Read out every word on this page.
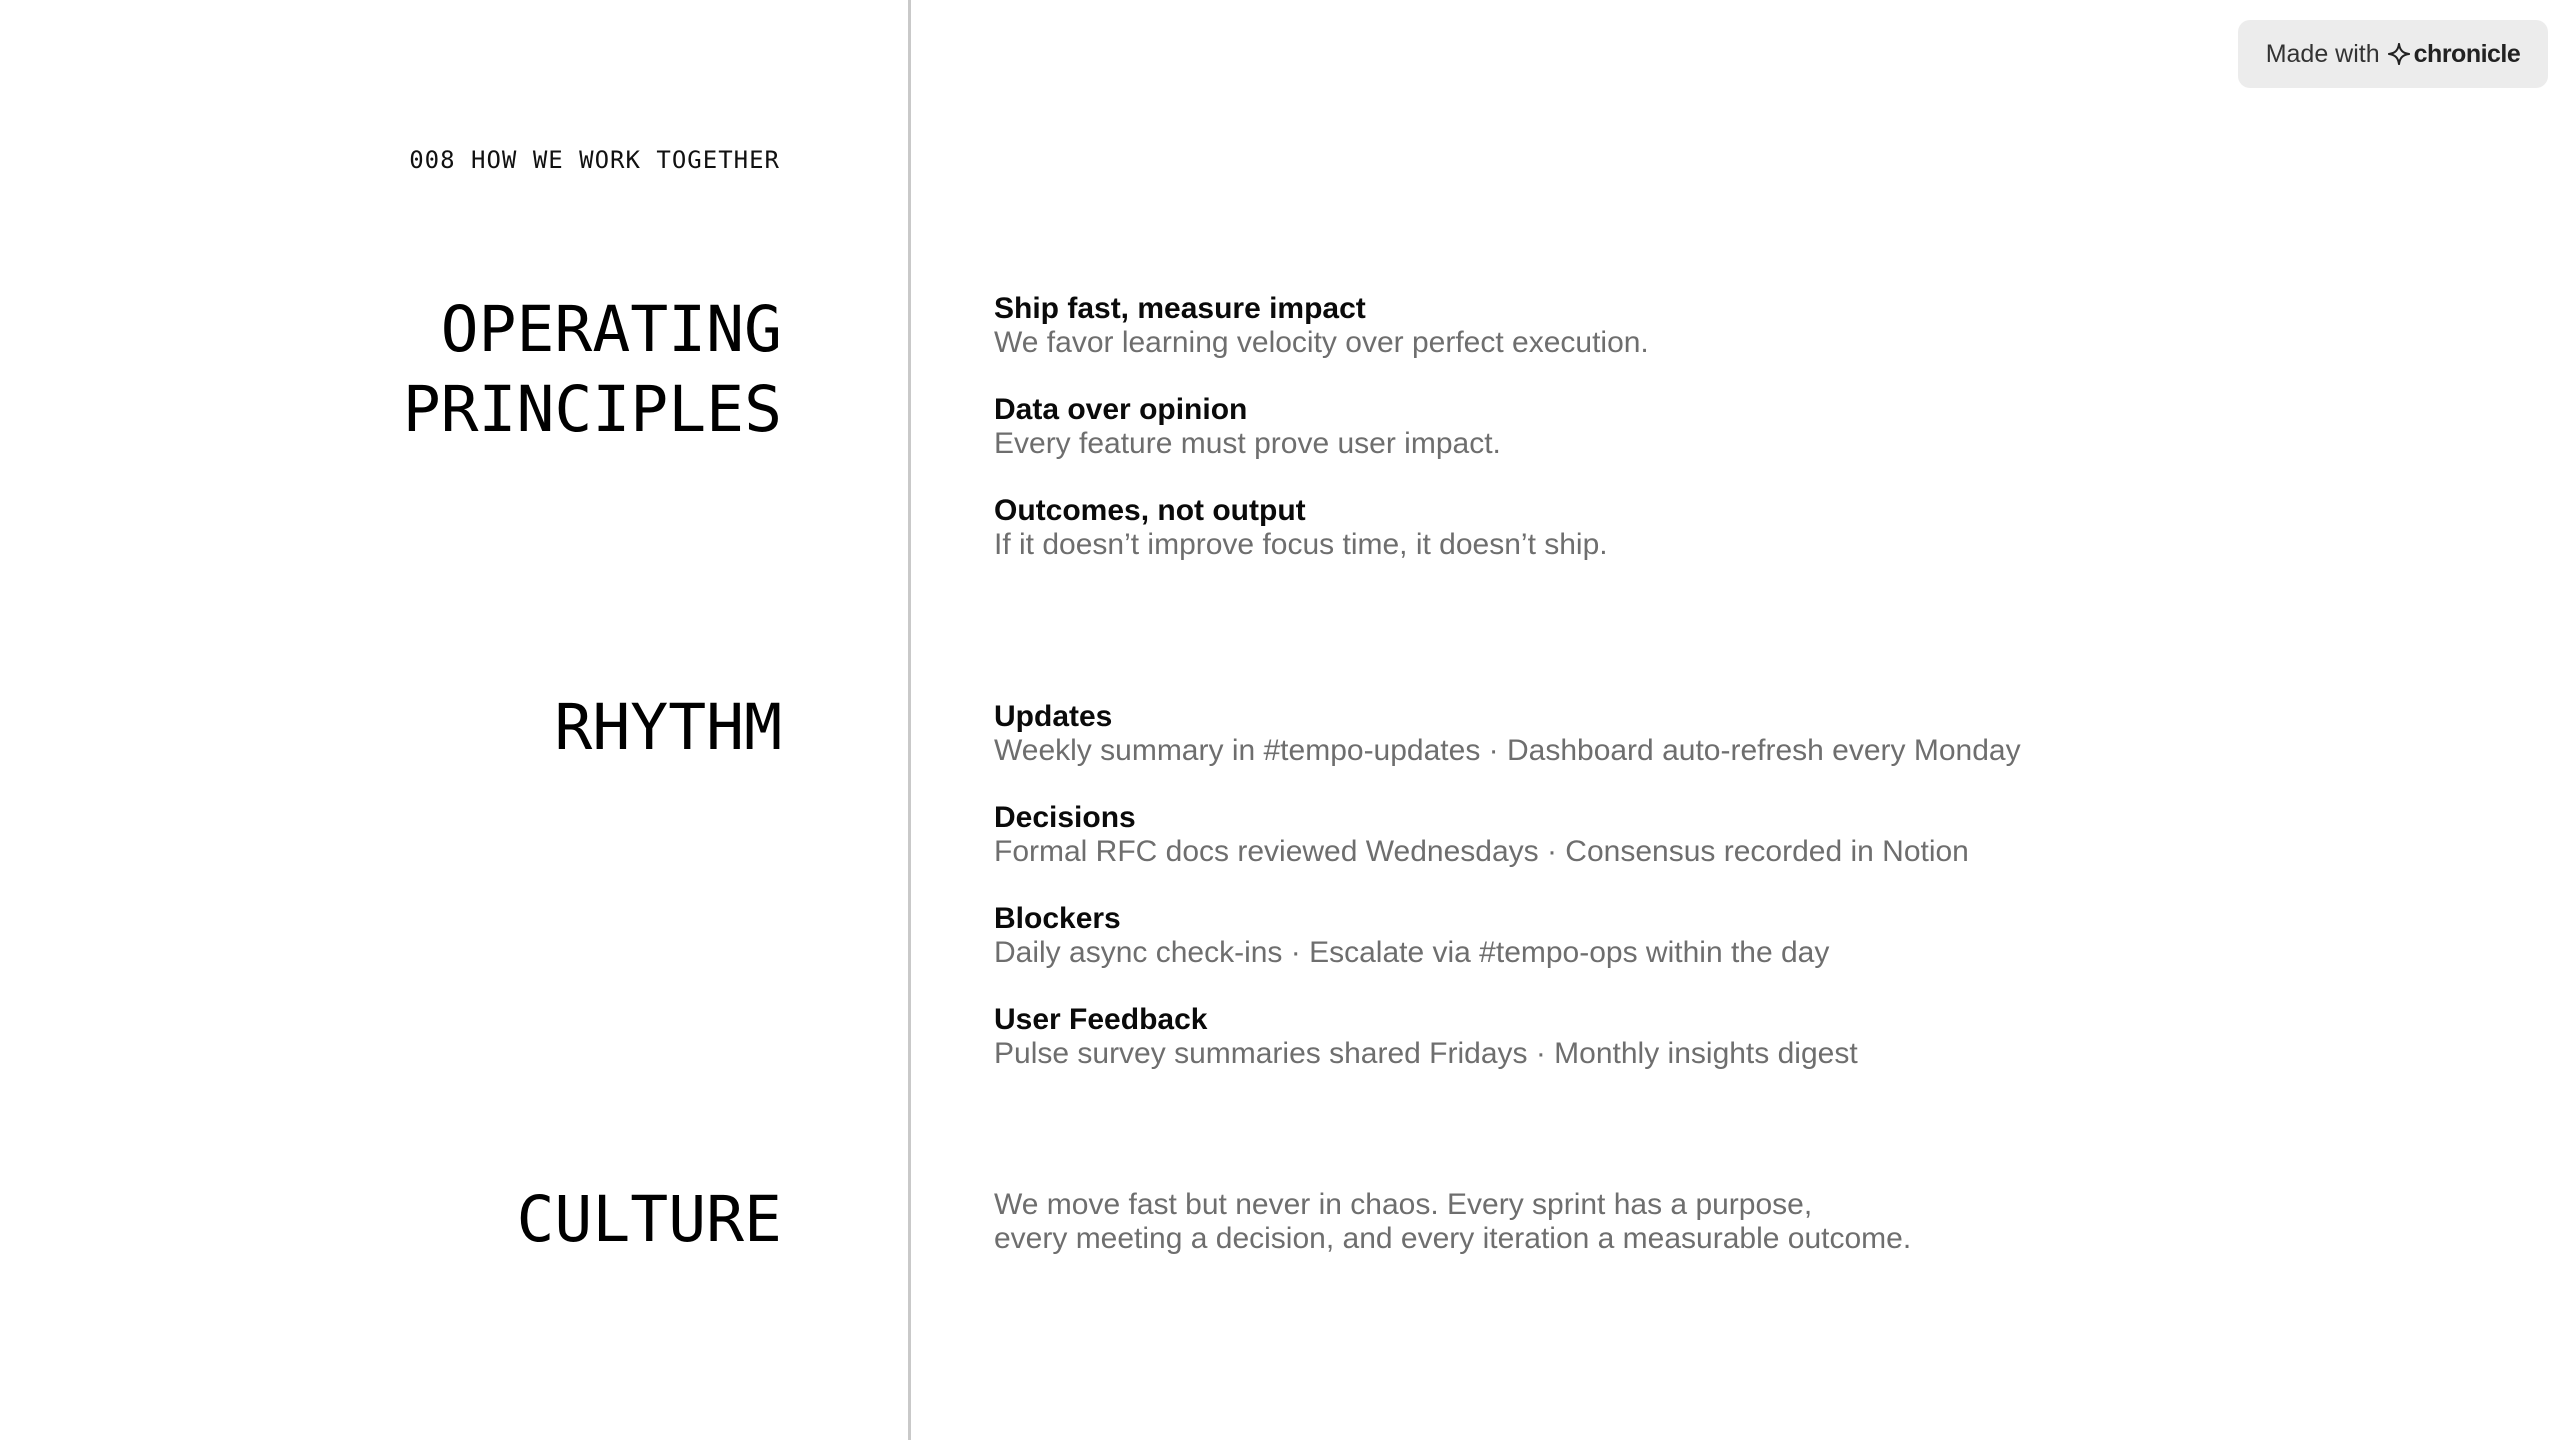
008 HOW WE WORK TOGETHER
Made with chronicle
OPERATING
PRINCIPLES
Ship fast, measure impact
We favor learning velocity over perfect execution.
Data over opinion
Every feature must prove user impact.
Outcomes, not output
If it doesn’t improve focus time, it doesn’t ship.
RHYTHM	Updates
Weekly summary in #tempo-updates · Dashboard auto-refresh every Monday
Decisions
Formal RFC docs reviewed Wednesdays · Consensus recorded in Notion
Blockers
Daily async check-ins · Escalate via #tempo-ops within the day
User Feedback
Pulse survey summaries shared Fridays · Monthly insights digest
CULTURE	We move fast but never in chaos. Every sprint has a purpose,
every meeting a decision, and every iteration a measurable outcome.
